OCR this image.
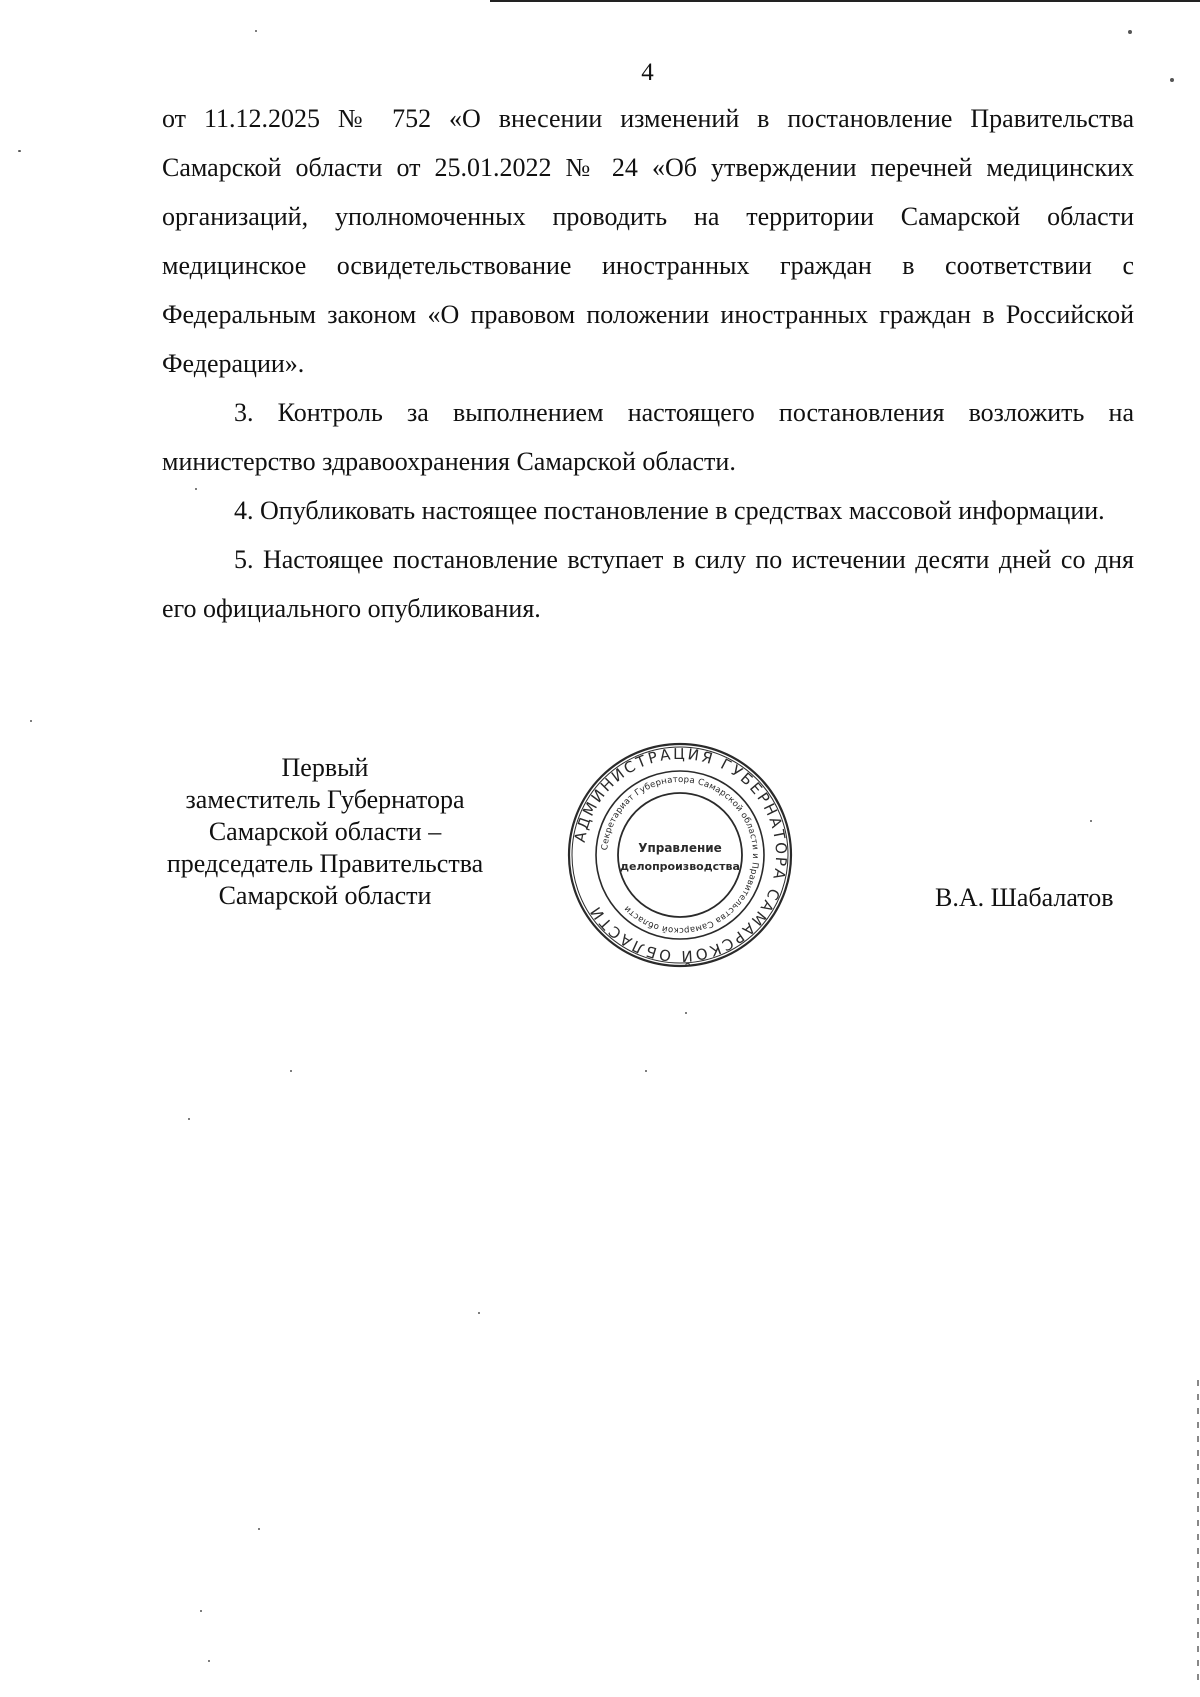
4

от 11.12.2025 № 752 «О внесении изменений в постановление Правительства Самарской области от 25.01.2022 № 24 «Об утверждении перечней медицинских организаций, уполномоченных проводить на территории Самарской области медицинское освидетельствование иностранных граждан в соответствии с Федеральным законом «О правовом положении иностранных граждан в Российской Федерации».

3. Контроль за выполнением настоящего постановления возложить на министерство здравоохранения Самарской области.

4. Опубликовать настоящее постановление в средствах массовой информации.

5. Настоящее постановление вступает в силу по истечении десяти дней со дня его официального опубликования.

Первый
заместитель Губернатора
Самарской области –
председатель Правительства
Самарской области
АДМИНИСТРАЦИЯ ГУБЕРНАТОРА САМАРСКОЙ ОБЛАСТИ
Секретариат Губернатора Самарской области и Правительства Самарской области
Управление
делопроизводства
В.А. Шабалатов
